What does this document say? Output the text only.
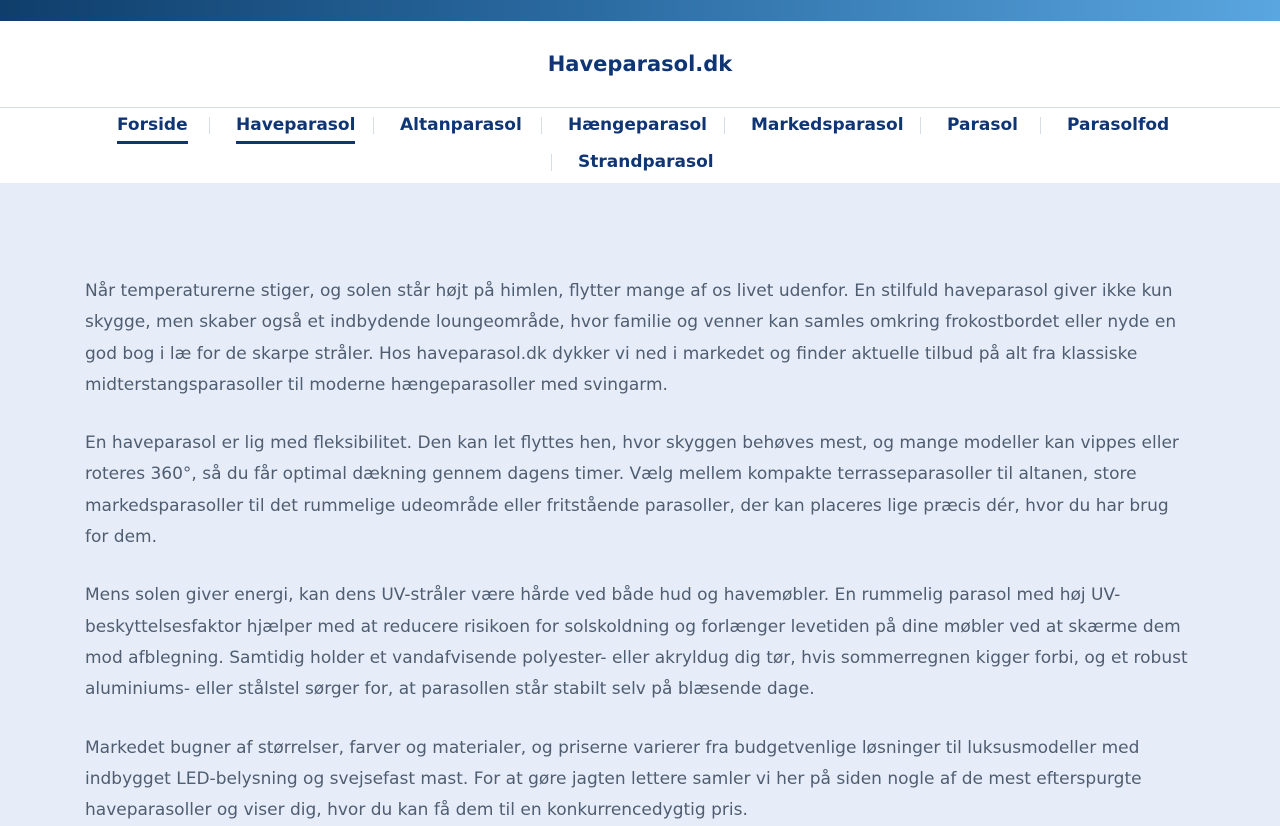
Haveparasol.dk
Forside	Haveparasol	Altanparasol	Hængeparasol	Markedsparasol	Parasol	Parasolfod
Strandparasol

Når temperaturerne stiger, og solen står højt på himlen, flytter mange af os livet udenfor. En stilfuld haveparasol giver ikke kun skygge, men skaber også et indbydende loungeområde, hvor familie og venner kan samles omkring frokostbordet eller nyde en god bog i læ for de skarpe stråler. Hos haveparasol.dk dykker vi ned i markedet og finder aktuelle tilbud på alt fra klassiske midterstangsparasoller til moderne hængeparasoller med svingarm.

En haveparasol er lig med fleksibilitet. Den kan let flyttes hen, hvor skyggen behøves mest, og mange modeller kan vippes eller roteres 360°, så du får optimal dækning gennem dagens timer. Vælg mellem kompakte terrasseparasoller til altanen, store markedsparasoller til det rummelige udeområde eller fritstående parasoller, der kan placeres lige præcis dér, hvor du har brug for dem.

Mens solen giver energi, kan dens UV-stråler være hårde ved både hud og havemøbler. En rummelig parasol med høj UV-beskyttelsesfaktor hjælper med at reducere risikoen for solskoldning og forlænger levetiden på dine møbler ved at skærme dem mod afblegning. Samtidig holder et vandafvisende polyester- eller akryldug dig tør, hvis sommerregnen kigger forbi, og et robust aluminiums- eller stålstel sørger for, at parasollen står stabilt selv på blæsende dage.

Markedet bugner af størrelser, farver og materialer, og priserne varierer fra budgetvenlige løsninger til luksusmodeller med indbygget LED-belysning og svejsefast mast. For at gøre jagten lettere samler vi her på siden nogle af de mest efterspurgte haveparasoller og viser dig, hvor du kan få dem til en konkurrencedygtig pris.
